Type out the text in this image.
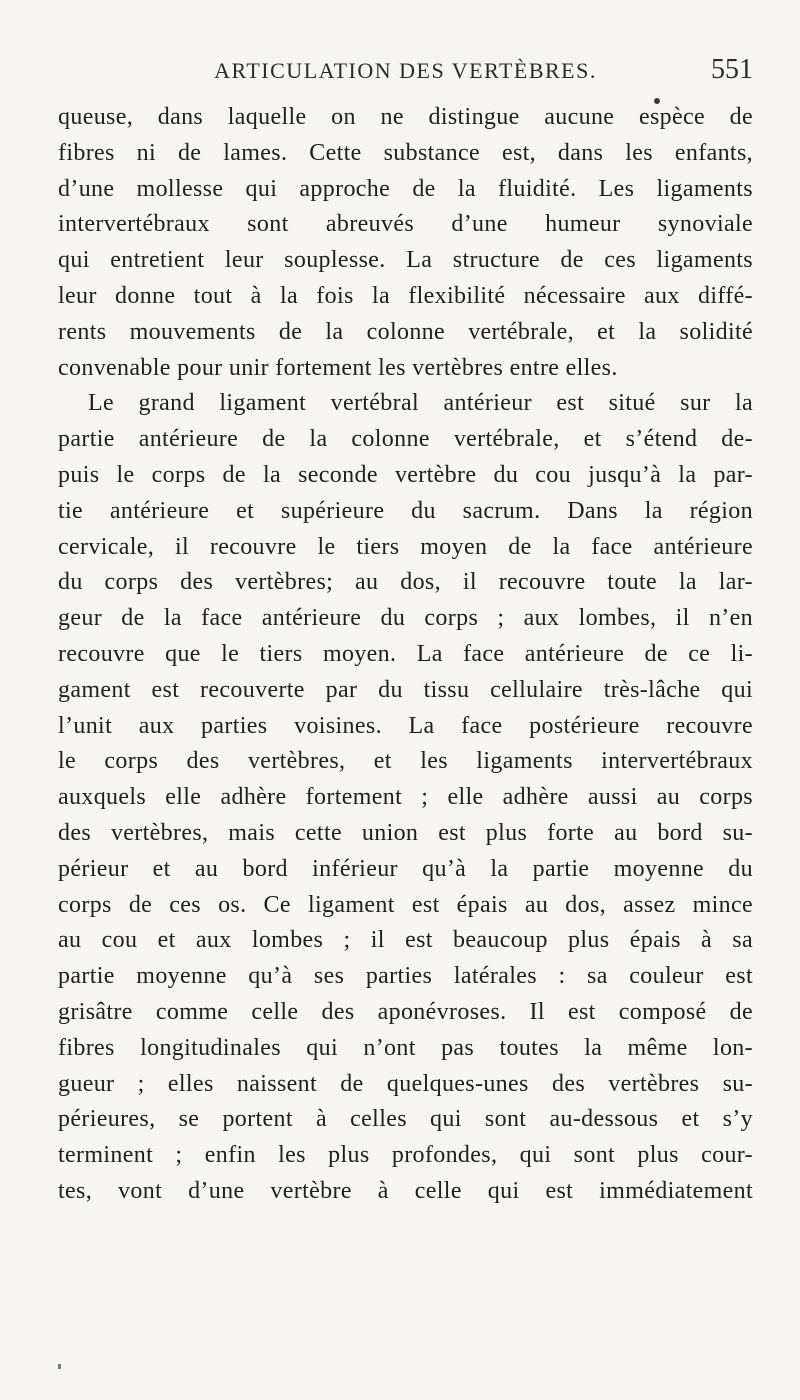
ARTICULATION DES VERTÈBRES.	551
queuse, dans laquelle on ne distingue aucune espèce de
fibres ni de lames. Cette substance est, dans les enfants,
d’une mollesse qui approche de la fluidité. Les ligaments
intervertébraux sont abreuvés d’une humeur synoviale
qui entretient leur souplesse. La structure de ces ligaments
leur donne tout à la fois la flexibilité nécessaire aux diffé-
rents mouvements de la colonne vertébrale, et la solidité
convenable pour unir fortement les vertèbres entre elles.
Le grand ligament vertébral antérieur est situé sur la
partie antérieure de la colonne vertébrale, et s’étend de-
puis le corps de la seconde vertèbre du cou jusqu’à la par-
tie antérieure et supérieure du sacrum. Dans la région
cervicale, il recouvre le tiers moyen de la face antérieure
du corps des vertèbres; au dos, il recouvre toute la lar-
geur de la face antérieure du corps ; aux lombes, il n’en
recouvre que le tiers moyen. La face antérieure de ce li-
gament est recouverte par du tissu cellulaire très-lâche qui
l’unit aux parties voisines. La face postérieure recouvre
le corps des vertèbres, et les ligaments intervertébraux
auxquels elle adhère fortement ; elle adhère aussi au corps
des vertèbres, mais cette union est plus forte au bord su-
périeur et au bord inférieur qu’à la partie moyenne du
corps de ces os. Ce ligament est épais au dos, assez mince
au cou et aux lombes ; il est beaucoup plus épais à sa
partie moyenne qu’à ses parties latérales : sa couleur est
grisâtre comme celle des aponévroses. Il est composé de
fibres longitudinales qui n’ont pas toutes la même lon-
gueur ; elles naissent de quelques-unes des vertèbres su-
périeures, se portent à celles qui sont au-dessous et s’y
terminent ; enfin les plus profondes, qui sont plus cour-
tes, vont d’une vertèbre à celle qui est immédiatement
